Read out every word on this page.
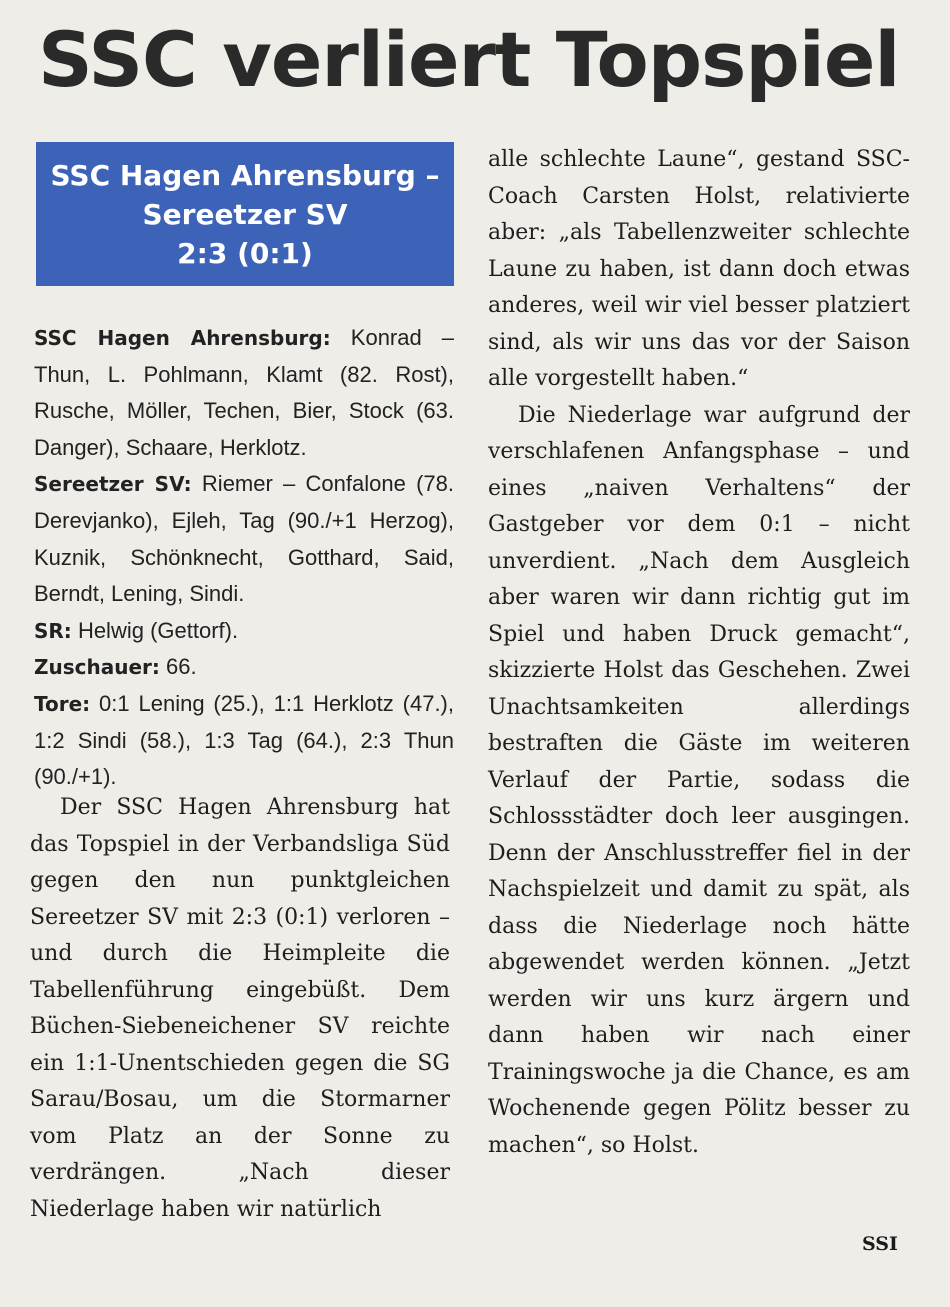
SSC verliert Topspiel
SSC Hagen Ahrensburg –
Sereetzer SV
2:3 (0:1)

SSC Hagen Ahrensburg: Konrad – Thun, L. Pohlmann, Klamt (82. Rost), Rusche, Möller, Techen, Bier, Stock (63. Danger), Schaare, Herklotz.

Sereetzer SV: Riemer – Confalone (78. Derevjanko), Ejleh, Tag (90./+1 Herzog), Kuznik, Schönknecht, Gotthard, Said, Berndt, Lening, Sindi.

SR: Helwig (Gettorf).

Zuschauer: 66.

Tore: 0:1 Lening (25.), 1:1 Herklotz (47.), 1:2 Sindi (58.), 1:3 Tag (64.), 2:3 Thun (90./+1).

Der SSC Hagen Ahrensburg hat das Topspiel in der Verbandsliga Süd gegen den nun punktgleichen Sereetzer SV mit 2:3 (0:1) verloren – und durch die Heimpleite die Tabellenführung eingebüßt. Dem Büchen-Siebeneichener SV reichte ein 1:1-Unentschieden gegen die SG Sarau/Bosau, um die Stormarner vom Platz an der Sonne zu verdrängen. „Nach dieser Niederlage haben wir natürlich

alle schlechte Laune“, gestand SSC-Coach Carsten Holst, relativierte aber: „als Tabellenzweiter schlechte Laune zu haben, ist dann doch etwas anderes, weil wir viel besser platziert sind, als wir uns das vor der Saison alle vorgestellt haben.“

Die Niederlage war aufgrund der verschlafenen Anfangsphase – und eines „naiven Verhaltens“ der Gastgeber vor dem 0:1 – nicht unverdient. „Nach dem Ausgleich aber waren wir dann richtig gut im Spiel und haben Druck gemacht“, skizzierte Holst das Geschehen. Zwei Unachtsamkeiten allerdings bestraften die Gäste im weiteren Verlauf der Partie, sodass die Schlossstädter doch leer ausgingen. Denn der Anschlusstreffer fiel in der Nachspielzeit und damit zu spät, als dass die Niederlage noch hätte abgewendet werden können. „Jetzt werden wir uns kurz ärgern und dann haben wir nach einer Trainingswoche ja die Chance, es am Wochenende gegen Pölitz besser zu machen“, so Holst.

SSI
